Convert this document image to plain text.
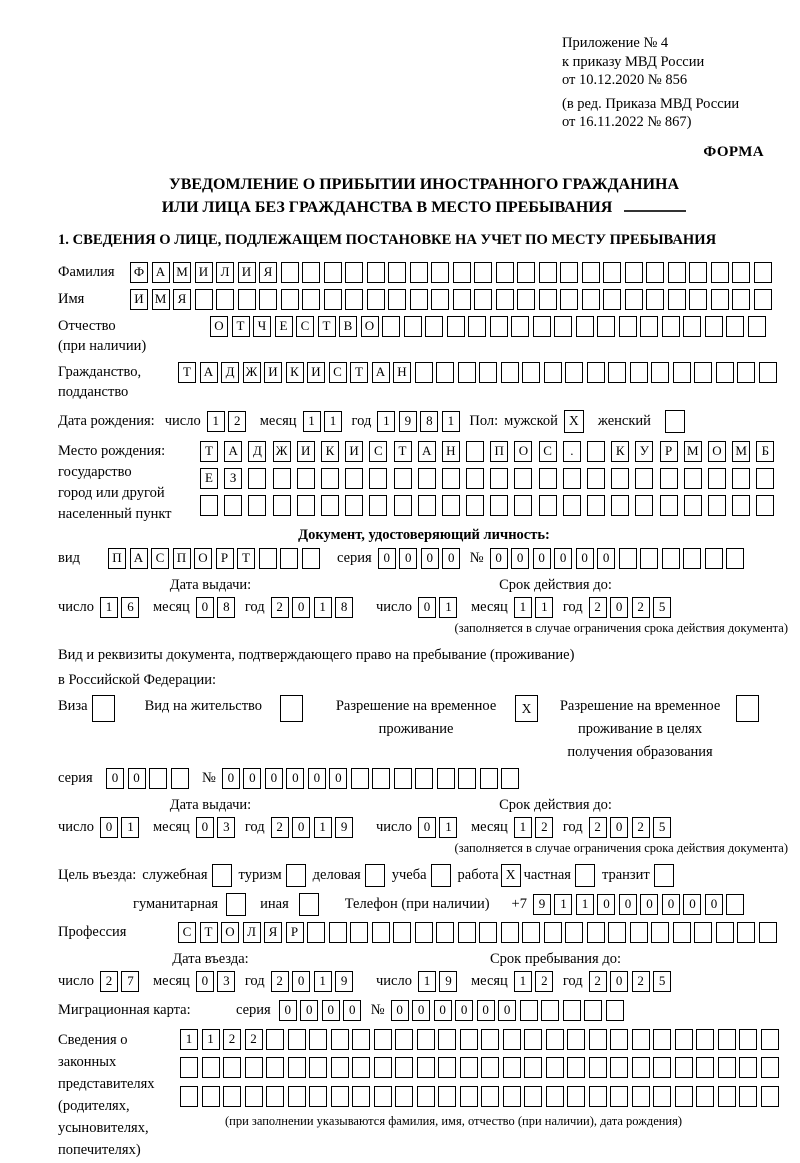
Приложение № 4
к приказу МВД России
от 10.12.2020 № 856
(в ред. Приказа МВД России
от 16.11.2022 № 867)
ФОРМА
УВЕДОМЛЕНИЕ О ПРИБЫТИИ ИНОСТРАННОГО ГРАЖДАНИНА
ИЛИ ЛИЦА БЕЗ ГРАЖДАНСТВА В МЕСТО ПРЕБЫВАНИЯ
1. СВЕДЕНИЯ О ЛИЦЕ, ПОДЛЕЖАЩЕМ ПОСТАНОВКЕ НА УЧЕТ ПО МЕСТУ ПРЕБЫВАНИЯ
Фамилия	Ф А М И Л И Я
Имя	И М Я
Отчество
(при наличии)
О Т	Ч	Е	С	Т	В О
Гражданство,
подданство
Т А Д Ж И К И С	Т А Н
Дата рождения: число 1	2	месяц 1	1	год 1	9	8	1	Пол: мужской X	женский
Место рождения:
государство
город или другой
населенный пункт
Т	А	Д	Ж	И	К	И	С	Т	А	Н	П	О	С	.	К	У	Р	М	О	М	Б
Е	З
Документ, удостоверяющий личность:
вид	П А С П О	Р	Т	серия 0	0	0	0	№ 0	0	0	0	0	0
Дата выдачи:	Срок действия до:
число 1	6	месяц 0	8	год 2	0	1	8	число 0	1	месяц 1	1	год 2	0	2	5
(заполняется в случае ограничения срока действия документа)
Вид и реквизиты документа, подтверждающего право на пребывание (проживание)
в Российской Федерации:
Виза	Вид на жительство	Разрешение на временное
проживание
X	Разрешение на временное
проживание в целях
получения образования
серия	0	0	№ 0	0	0	0	0	0
Дата выдачи:	Срок действия до:
число 0	1	месяц 0	3	год 2	0	1	9	число 0	1	месяц 1	2	год 2	0	2	5
(заполняется в случае ограничения срока действия документа)
Цель въезда: служебная туризм деловая учеба работа X частная транзит
гуманитарная	иная	Телефон (при наличии) +7 9	1	1	0	0	0	0	0	0
Профессия	С	Т О Л Я	Р
Дата въезда:	Срок пребывания до:
число 2	7	месяц 0	3	год 2	0	1	9	число 1	9	месяц 1	2	год 2	0	2	5
Миграционная карта:	серия	0	0	0	0	№ 0	0	0	0	0	0
Сведения о
законных
представителях
(родителях,
усыновителях,
попечителях)
1	1	2	2
(при заполнении указываются фамилия, имя, отчество (при наличии), дата рождения)
